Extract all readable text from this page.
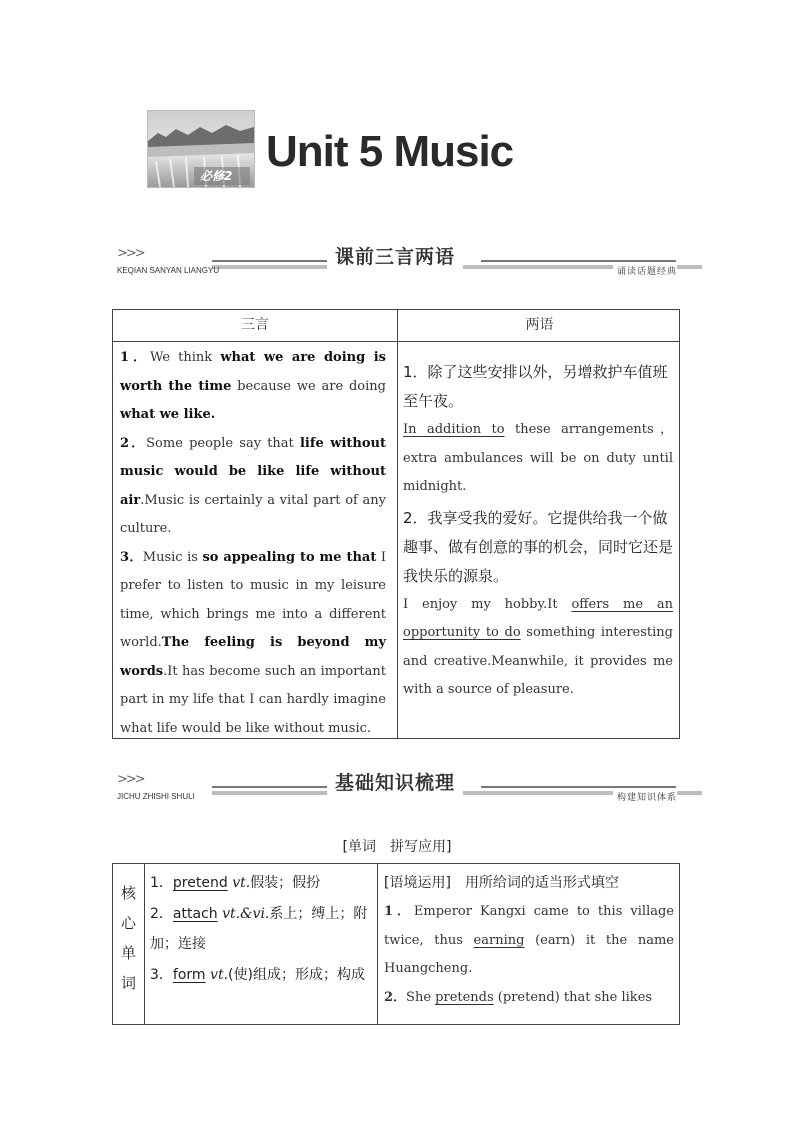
必修2 Unit 5 Music
>>>
KEQIAN SANYAN LIANGYU
课前三言两语
诵读话题经典
三言	两语
1．We think what we are doing is worth the time because we are doing what we like.
2．Some people say that life without music would be like life without air.Music is certainly a vital part of any culture.
3．Music is so appealing to me that I prefer to listen to music in my leisure time, which brings me into a different world.The feeling is beyond my words.It has become such an important part in my life that I can hardly imagine what life would be like without music.
1．除了这些安排以外，另增救护车值班至午夜。
In addition to these arrangements，extra ambulances will be on duty until midnight.
2．我享受我的爱好。它提供给我一个做趣事、做有创意的事的机会，同时它还是我快乐的源泉。
I enjoy my hobby.It offers me an opportunity to do something interesting and creative.Meanwhile, it provides me with a source of pleasure.
>>>
JICHU ZHISHI SHULI
基础知识梳理
构建知识体系
[单词　拼写应用]
核
心
单
词
1．pretend vt.假装；假扮
2．attach vt.&vi.系上；缚上；附加；连接
3．form vt.(使)组成；形成；构成
[语境运用]　 用所给词的适当形式填空
1．Emperor Kangxi came to this village twice, thus earning (earn) it the name Huangcheng.
2．She pretends (pretend) that she likes
